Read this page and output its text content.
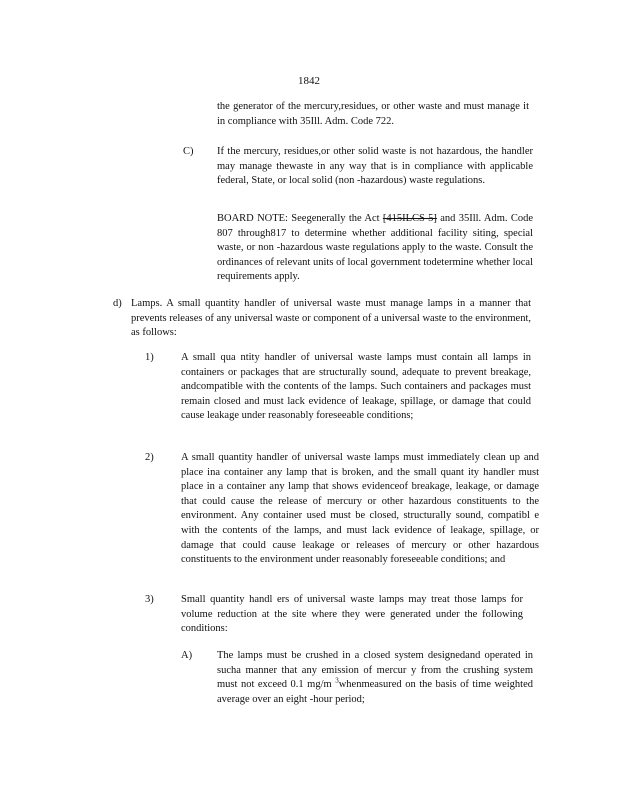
1842

the generator of the mercury,residues, or other waste and must manage it in compliance with 35Ill. Adm. Code 722.

C) If the mercury, residues,or other solid waste is not hazardous, the handler may manage thewaste in any way that is in compliance with applicable federal, State, or local solid (non -hazardous) waste regulations.

BOARD NOTE: Seegenerally the Act [415ILCS 5] and 35Ill. Adm. Code 807 through817 to determine whether additional facility siting, special waste, or non -hazardous waste regulations apply to the waste. Consult the ordinances of relevant units of local government todetermine whether local requirements apply.

d) Lamps. A small quantity handler of universal waste must manage lamps in a manner that prevents releases of any universal waste or component of a universal waste to the environment, as follows:

1)	A small qua ntity handler of universal waste lamps must contain all lamps in containers or packages that are structurally sound, adequate to prevent breakage, andcompatible with the contents of the lamps. Such containers and packages must remain closed and must lack evidence of leakage, spillage, or damage that could cause leakage under reasonably foreseeable conditions;

2)	A small quantity handler of universal waste lamps must immediately clean up and place ina container any lamp that is broken, and the small quant ity handler must place in a container any lamp that shows evidenceof breakage, leakage, or damage that could cause the release of mercury or other hazardous constituents to the environment. Any container used must be closed, structurally sound, compatibl e with the contents of the lamps, and must lack evidence of leakage, spillage, or damage that could cause leakage or releases of mercury or other hazardous constituents to the environment under reasonably foreseeable conditions; and

3)	Small quantity handl ers of universal waste lamps may treat those lamps for volume reduction at the site where they were generated under the following conditions:

A) The lamps must be crushed in a closed system designedand operated in sucha manner that any emission of mercur y from the crushing system must not exceed 0.1 mg/m $^3$whenmeasured on the basis of time weighted average over an eight -hour period;
